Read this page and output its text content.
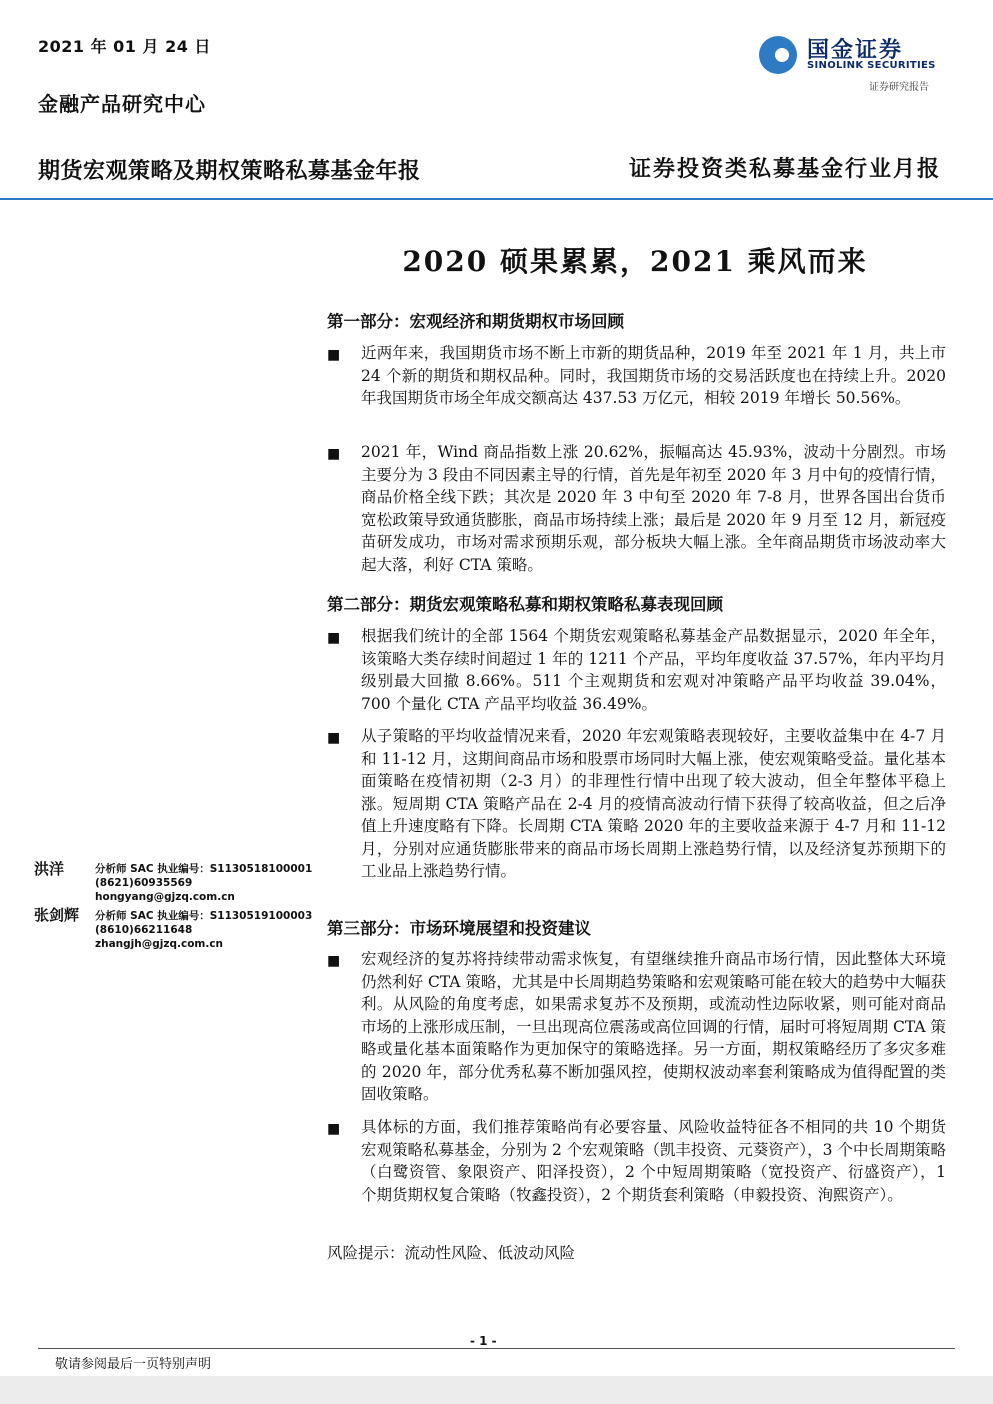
2021 年 01 月 24 日
金融产品研究中心
国金证券
SINOLINK SECURITIES
证券研究报告
期货宏观策略及期权策略私募基金年报	证券投资类私募基金行业月报
2020 硕果累累，2021 乘风而来
第一部分：宏观经济和期货期权市场回顾
■ 近两年来，我国期货市场不断上市新的期货品种，2019 年至 2021 年 1 月，共上市 24 个新的期货和期权品种。同时，我国期货市场的交易活跃度也在持续上升。2020 年我国期货市场全年成交额高达 437.53 万亿元，相较 2019 年增长 50.56%。
■ 2021 年，Wind 商品指数上涨 20.62%，振幅高达 45.93%，波动十分剧烈。市场主要分为 3 段由不同因素主导的行情，首先是年初至 2020 年 3 月中旬的疫情行情，商品价格全线下跌；其次是 2020 年 3 中旬至 2020 年 7-8 月，世界各国出台货币宽松政策导致通货膨胀，商品市场持续上涨；最后是 2020 年 9 月至 12 月，新冠疫苗研发成功，市场对需求预期乐观，部分板块大幅上涨。全年商品期货市场波动率大起大落，利好 CTA 策略。
第二部分：期货宏观策略私募和期权策略私募表现回顾
■ 根据我们统计的全部 1564 个期货宏观策略私募基金产品数据显示，2020 年全年，该策略大类存续时间超过 1 年的 1211 个产品，平均年度收益 37.57%，年内平均月级别最大回撤 8.66%。511 个主观期货和宏观对冲策略产品平均收益 39.04%，700 个量化 CTA 产品平均收益 36.49%。
■ 从子策略的平均收益情况来看，2020 年宏观策略表现较好，主要收益集中在 4-7 月和 11-12 月，这期间商品市场和股票市场同时大幅上涨，使宏观策略受益。量化基本面策略在疫情初期（2-3 月）的非理性行情中出现了较大波动，但全年整体平稳上涨。短周期 CTA 策略产品在 2-4 月的疫情高波动行情下获得了较高收益，但之后净值上升速度略有下降。长周期 CTA 策略 2020 年的主要收益来源于 4-7 月和 11-12 月，分别对应通货膨胀带来的商品市场长周期上涨趋势行情，以及经济复苏预期下的工业品上涨趋势行情。
第三部分：市场环境展望和投资建议
■ 宏观经济的复苏将持续带动需求恢复，有望继续推升商品市场行情，因此整体大环境仍然利好 CTA 策略，尤其是中长周期趋势策略和宏观策略可能在较大的趋势中大幅获利。从风险的角度考虑，如果需求复苏不及预期，或流动性边际收紧，则可能对商品市场的上涨形成压制，一旦出现高位震荡或高位回调的行情，届时可将短周期 CTA 策略或量化基本面策略作为更加保守的策略选择。另一方面，期权策略经历了多灾多难的 2020 年，部分优秀私募不断加强风控，使期权波动率套利策略成为值得配置的类固收策略。
■ 具体标的方面，我们推荐策略尚有必要容量、风险收益特征各不相同的共 10 个期货宏观策略私募基金，分别为 2 个宏观策略（凯丰投资、元葵资产），3 个中长周期策略（白鹭资管、象限资产、阳泽投资），2 个中短周期策略（宽投资产、衍盛资产），1 个期货期权复合策略（牧鑫投资），2 个期货套利策略（申毅投资、洵熙资产）。
风险提示：流动性风险、低波动风险
洪洋	分析师 SAC 执业编号：S1130518100001
(8621)60935569
hongyang@gjzq.com.cn
张剑辉 分析师 SAC 执业编号：S1130519100003
(8610)66211648
zhangjh@gjzq.com.cn
- 1 -
敬请参阅最后一页特别声明
